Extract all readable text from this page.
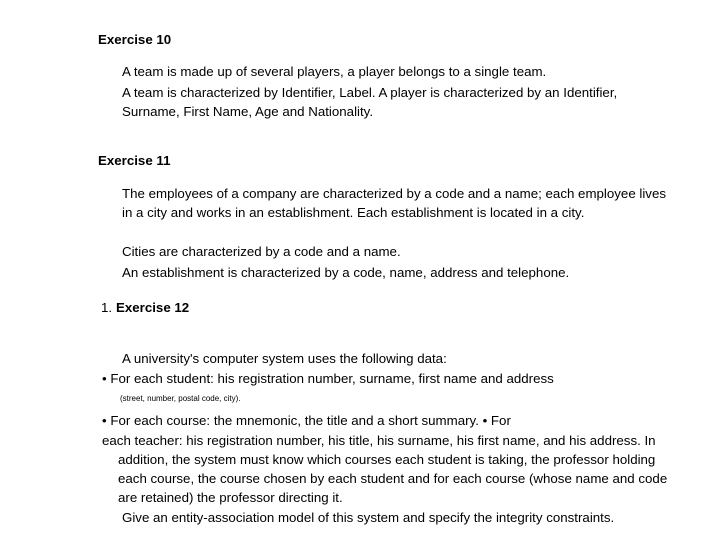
Exercise 10
A team is made up of several players, a player belongs to a single team.
A team is characterized by Identifier, Label. A player is characterized by an Identifier,
Surname, First Name, Age and Nationality.
Exercise 11
The employees of a company are characterized by a code and a name; each employee lives
in a city and works in an establishment. Each establishment is located in a city.
Cities are characterized by a code and a name.
An establishment is characterized by a code, name, address and telephone.
1. Exercise 12
A university's computer system uses the following data:
• For each student: his registration number, surname, first name and address
(street, number, postal code, city).
• For each course: the mnemonic, the title and a short summary. • For
each teacher: his registration number, his title, his surname, his first name, and his address. In
addition, the system must know which courses each student is taking, the professor holding
each course, the course chosen by each student and for each course (whose name and code
are retained) the professor directing it.
Give an entity-association model of this system and specify the integrity constraints.
